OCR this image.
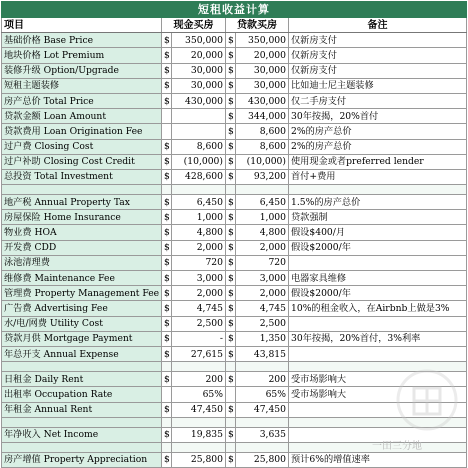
短租收益计算					
项目	现金买房		贷款买房		备注
基础价格 Base Price	$	350,000	$	350,000	仅新房支付
地块价格 Lot Premium	$	20,000	$	20,000	仅新房支付
装修升级 Option/Upgrade	$	30,000	$	30,000	仅新房支付
短租主题装修	$	30,000	$	30,000	比如迪士尼主题装修
房产总价 Total Price	$	430,000	$	430,000	仅二手房支付
贷款金额 Loan Amount			$	344,000	30年按揭，20%首付
贷款费用 Loan Origination Fee			$	8,600	2%的房产总价
过户费 Closing Cost	$	8,600	$	8,600	2%的房产总价
过户补助 Closing Cost Credit	$	(10,000)	$	(10,000)	使用现金或者preferred lender
总投资 Total Investment	$	428,600	$	93,200	首付+费用

地产税 Annual Property Tax	$	6,450	$	6,450	1.5%的房产总价
房屋保险 Home Insurance	$	1,000	$	1,000	贷款强制
物业费 HOA	$	4,800	$	4,800	假设$400/月
开发费 CDD	$	2,000	$	2,000	假设$2000/年
泳池清理费	$	720	$	720	
维修费 Maintenance Fee	$	3,000	$	3,000	电器家具维修
管理费 Property Management Fee	$	2,000	$	2,000	假设$2000/年
广告费 Advertising Fee	$	4,745	$	4,745	10%的租金收入，在Airbnb上做是3%
水/电/网费 Utility Cost	$	2,500	$	2,500	
贷款月供 Mortgage Payment	$	-	$	1,350	30年按揭，20%首付，3%利率
年总开支 Annual Expense	$	27,615	$	43,815	

日租金 Daily Rent	$	200	$	200	受市场影响大
出租率 Occupation Rate		65%		65%	受市场影响大
年租金 Annual Rent	$	47,450	$	47,450	

年净收入 Net Income	$	19,835	$	3,635	

房产增值 Property Appreciation	$	25,800	$	25,800	预计6%的增值速率
一田三分地
